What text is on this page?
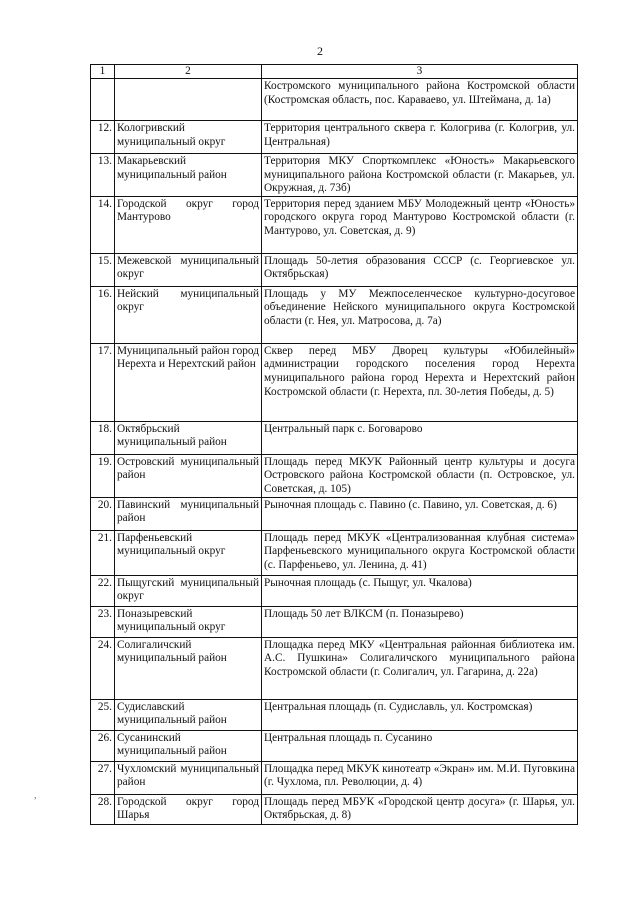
2
1	2	3
		Костромского муниципального района Костромской области (Костромская область, пос. Караваево, ул. Штеймана, д. 1а)
12.	Кологривский муниципальный округ	Территория центрального сквера г. Кологрива (г. Кологрив, ул. Центральная)
13.	Макарьевский муниципальный район	Территория МКУ Спорткомплекс «Юность» Макарьевского муниципального района Костромской области (г. Макарьев, ул. Окружная, д. 73б)
14.	Городской округ город Мантурово	Территория перед зданием МБУ Молодежный центр «Юность» городского округа город Мантурово Костромской области (г. Мантурово, ул. Советская, д. 9)
15.	Межевской муниципальный округ	Площадь 50-летия образования СССР (с. Георгиевское ул. Октябрьская)
16.	Нейский муниципальный округ	Площадь у МУ Межпоселенческое культурно-досуговое объединение Нейского муниципального округа Костромской области (г. Нея, ул. Матросова, д. 7а)
17.	Муниципальный район город Нерехта и Нерехтский район	Сквер перед МБУ Дворец культуры «Юбилейный» администрации городского поселения город Нерехта муниципального района город Нерехта и Нерехтский район Костромской области (г. Нерехта, пл. 30-летия Победы, д. 5)
18.	Октябрьский муниципальный район	Центральный парк с. Боговарово
19.	Островский муниципальный район	Площадь перед МКУК Районный центр культуры и досуга Островского района Костромской области (п. Островское, ул. Советская, д. 105)
20.	Павинский муниципальный район	Рыночная площадь с. Павино (с. Павино, ул. Советская, д. 6)
21.	Парфеньевский муниципальный округ	Площадь перед МКУК «Централизованная клубная система» Парфеньевского муниципального округа Костромской области (с. Парфеньево, ул. Ленина, д. 41)
22.	Пыщугский муниципальный округ	Рыночная площадь (с. Пыщуг, ул. Чкалова)
23.	Поназыревский муниципальный округ	Площадь 50 лет ВЛКСМ (п. Поназырево)
24.	Солигаличский муниципальный район	Площадка перед МКУ «Центральная районная библиотека им. А.С. Пушкина» Солигаличского муниципального района Костромской области (г. Солигалич, ул. Гагарина, д. 22а)
25.	Судиславский муниципальный район	Центральная площадь (п. Судиславль, ул. Костромская)
26.	Сусанинский муниципальный район	Центральная площадь п. Сусанино
27.	Чухломский муниципальный район	Площадка перед МКУК кинотеатр «Экран» им. М.И. Пуговкина (г. Чухлома, пл. Революции, д. 4)
28.	Городской округ город Шарья	Площадь перед МБУК «Городской центр досуга» (г. Шарья, ул. Октябрьская, д. 8)
,
